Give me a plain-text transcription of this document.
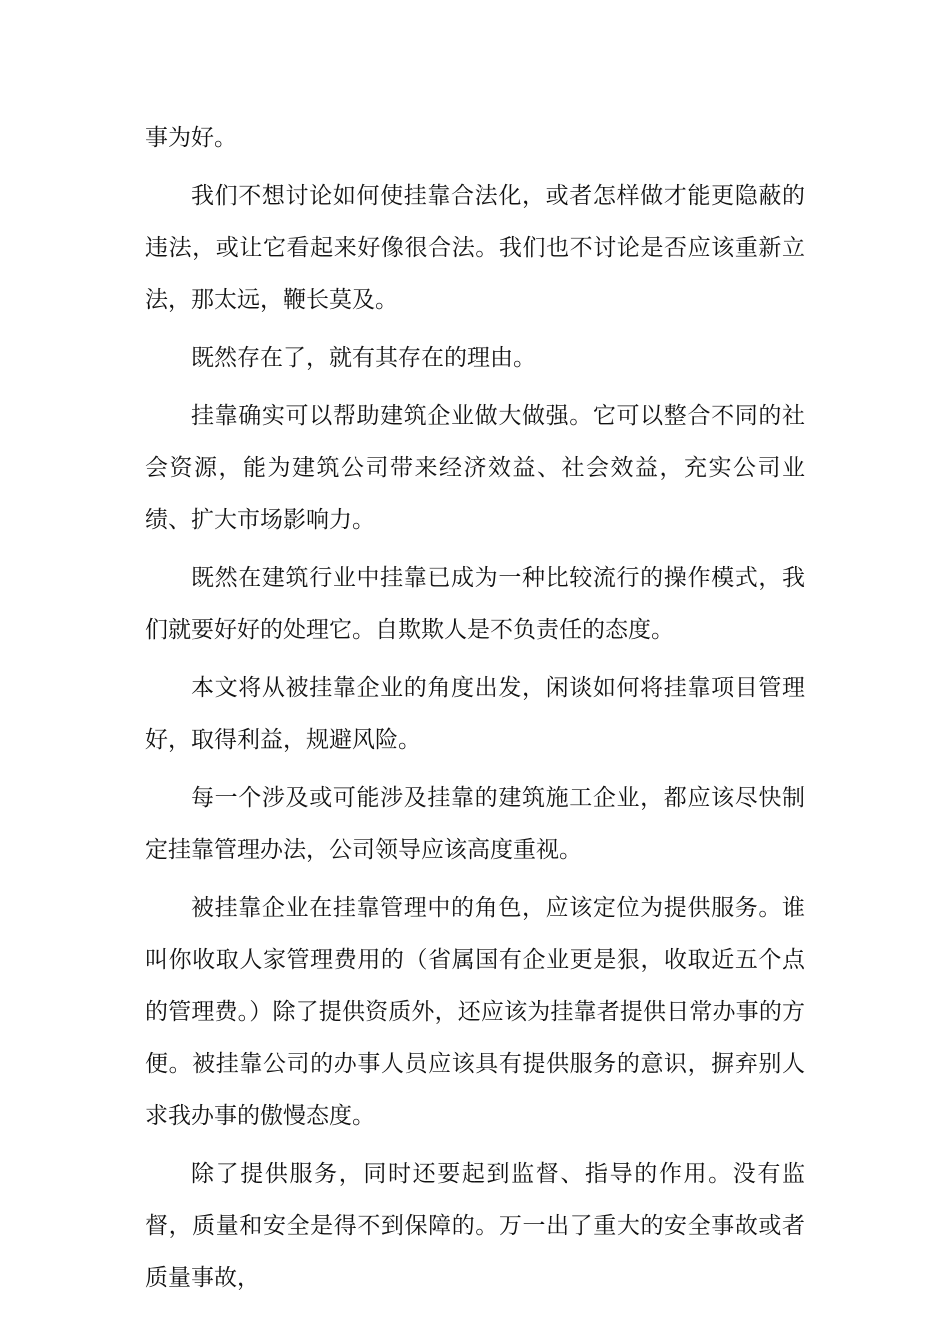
事为好。

我们不想讨论如何使挂靠合法化，或者怎样做才能更隐蔽的违法，或让它看起来好像很合法。我们也不讨论是否应该重新立法，那太远，鞭长莫及。

既然存在了，就有其存在的理由。

挂靠确实可以帮助建筑企业做大做强。它可以整合不同的社会资源，能为建筑公司带来经济效益、社会效益，充实公司业绩、扩大市场影响力。

既然在建筑行业中挂靠已成为一种比较流行的操作模式，我们就要好好的处理它。自欺欺人是不负责任的态度。

本文将从被挂靠企业的角度出发，闲谈如何将挂靠项目管理好，取得利益，规避风险。

每一个涉及或可能涉及挂靠的建筑施工企业，都应该尽快制定挂靠管理办法，公司领导应该高度重视。

被挂靠企业在挂靠管理中的角色，应该定位为提供服务。谁叫你收取人家管理费用的（省属国有企业更是狠，收取近五个点的管理费。）除了提供资质外，还应该为挂靠者提供日常办事的方便。被挂靠公司的办事人员应该具有提供服务的意识，摒弃别人求我办事的傲慢态度。

除了提供服务，同时还要起到监督、指导的作用。没有监督，质量和安全是得不到保障的。万一出了重大的安全事故或者质量事故，
